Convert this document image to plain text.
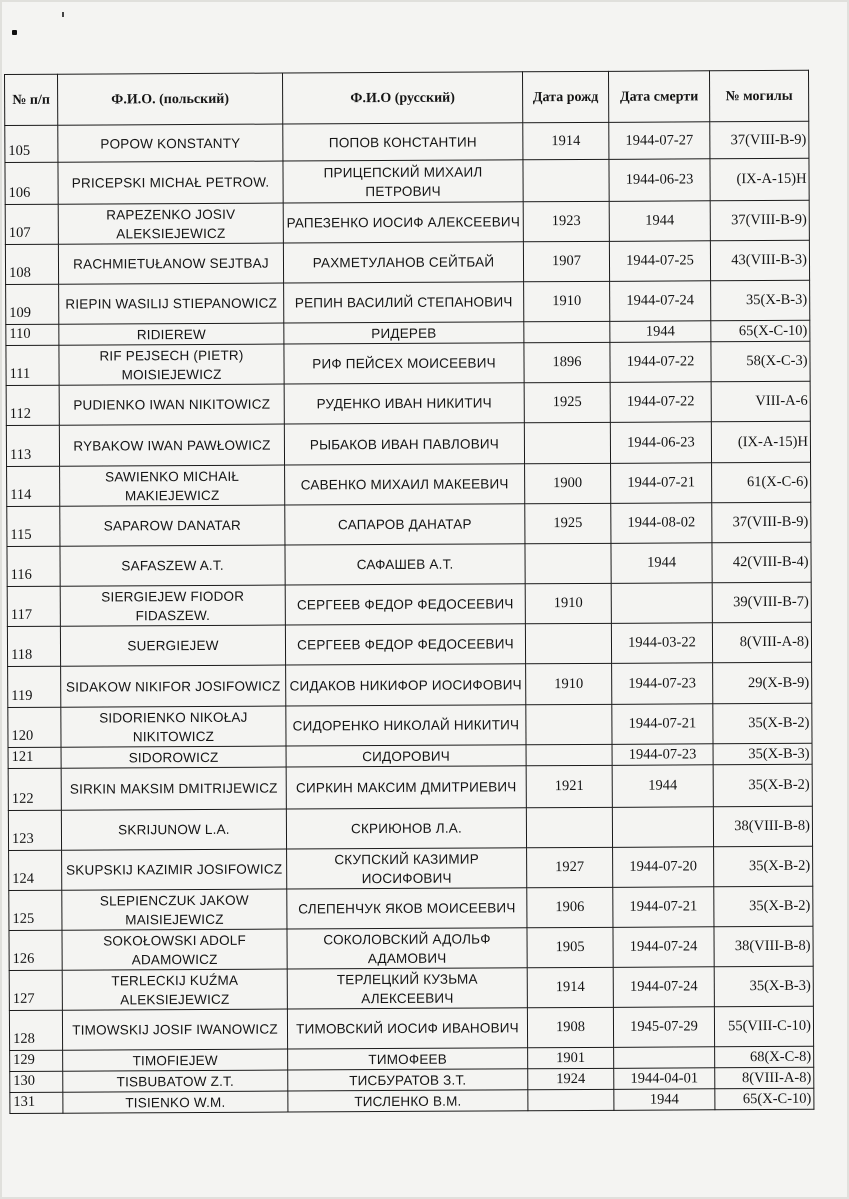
№ п/п	Ф.И.О. (польский)	Ф.И.О (русский)	Дата рожд	Дата смерти	№ могилы
105	POPOW KONSTANTY	ПОПОВ КОНСТАНТИН	1914	1944-07-27	37(VIII-B-9)
106	PRICEPSKI MICHAŁ PETROW.	ПРИЦЕПСКИЙ МИХАИЛ ПЕТРОВИЧ		1944-06-23	(IX-A-15)H
107	RAPEZENKO JOSIV ALEKSIEJEWICZ	РАПЕЗЕНКО ИОСИФ АЛЕКСЕЕВИЧ	1923	1944	37(VIII-B-9)
108	RACHMIETUŁANOW SEJTBAJ	РАХМЕТУЛАНОВ СЕЙТБАЙ	1907	1944-07-25	43(VIII-B-3)
109	RIEPIN WASILIJ STIEPANOWICZ	РЕПИН ВАСИЛИЙ СТЕПАНОВИЧ	1910	1944-07-24	35(X-B-3)
110	RIDIEREW	РИДЕРЕВ		1944	65(X-C-10)
111	RIF PEJSECH (PIETR) MOISIEJEWICZ	РИФ ПЕЙСЕХ МОИСЕЕВИЧ	1896	1944-07-22	58(X-C-3)
112	PUDIENKO IWAN NIKITOWICZ	РУДЕНКО ИВАН НИКИТИЧ	1925	1944-07-22	VIII-A-6
113	RYBAKOW IWAN PAWŁOWICZ	РЫБАКОВ ИВАН ПАВЛОВИЧ		1944-06-23	(IX-A-15)H
114	SAWIENKO MICHAIŁ MAKIEJEWICZ	САВЕНКО МИХАИЛ МАКЕЕВИЧ	1900	1944-07-21	61(X-C-6)
115	SAPAROW DANATAR	САПАРОВ ДАНАТАР	1925	1944-08-02	37(VIII-B-9)
116	SAFASZEW A.T.	САФАШЕВ А.Т.		1944	42(VIII-B-4)
117	SIERGIEJEW FIODOR FIDASZEW.	СЕРГЕЕВ ФЕДОР ФЕДОСЕЕВИЧ	1910		39(VIII-B-7)
118	SUERGIEJEW	СЕРГЕЕВ ФЕДОР ФЕДОСЕЕВИЧ		1944-03-22	8(VIII-A-8)
119	SIDAKOW NIKIFOR JOSIFOWICZ	СИДАКОВ НИКИФОР ИОСИФОВИЧ	1910	1944-07-23	29(X-B-9)
120	SIDORIENKO NIKOŁAJ NIKITOWICZ	СИДОРЕНКО НИКОЛАЙ НИКИТИЧ		1944-07-21	35(X-B-2)
121	SIDOROWICZ	СИДОРОВИЧ		1944-07-23	35(X-B-3)
122	SIRKIN MAKSIM DMITRIJEWICZ	СИРКИН МАКСИМ ДМИТРИЕВИЧ	1921	1944	35(X-B-2)
123	SKRIJUNOW L.A.	СКРИЮНОВ Л.А.			38(VIII-B-8)
124	SKUPSKIJ KAZIMIR JOSIFOWICZ	СКУПСКИЙ КАЗИМИР ИОСИФОВИЧ	1927	1944-07-20	35(X-B-2)
125	SLEPIENCZUK JAKOW MAISIEJEWICZ	СЛЕПЕНЧУК ЯКОВ МОИСЕЕВИЧ	1906	1944-07-21	35(X-B-2)
126	SOKOŁOWSKI ADOLF ADAMOWICZ	СОКОЛОВСКИЙ АДОЛЬФ АДАМОВИЧ	1905	1944-07-24	38(VIII-B-8)
127	TERLECKIJ KUŹMA ALEKSIEJEWICZ	ТЕРЛЕЦКИЙ КУЗЬМА АЛЕКСЕЕВИЧ	1914	1944-07-24	35(X-B-3)
128	TIMOWSKIJ JOSIF IWANOWICZ	ТИМОВСКИЙ ИОСИФ ИВАНОВИЧ	1908	1945-07-29	55(VIII-C-10)
129	TIMOFIEJEW	ТИМОФЕЕВ	1901		68(X-C-8)
130	TISBUBATOW Z.T.	ТИСБУРАТОВ З.Т.	1924	1944-04-01	8(VIII-A-8)
131	TISIENKO W.M.	ТИСЛЕНКО В.М.		1944	65(X-C-10)
